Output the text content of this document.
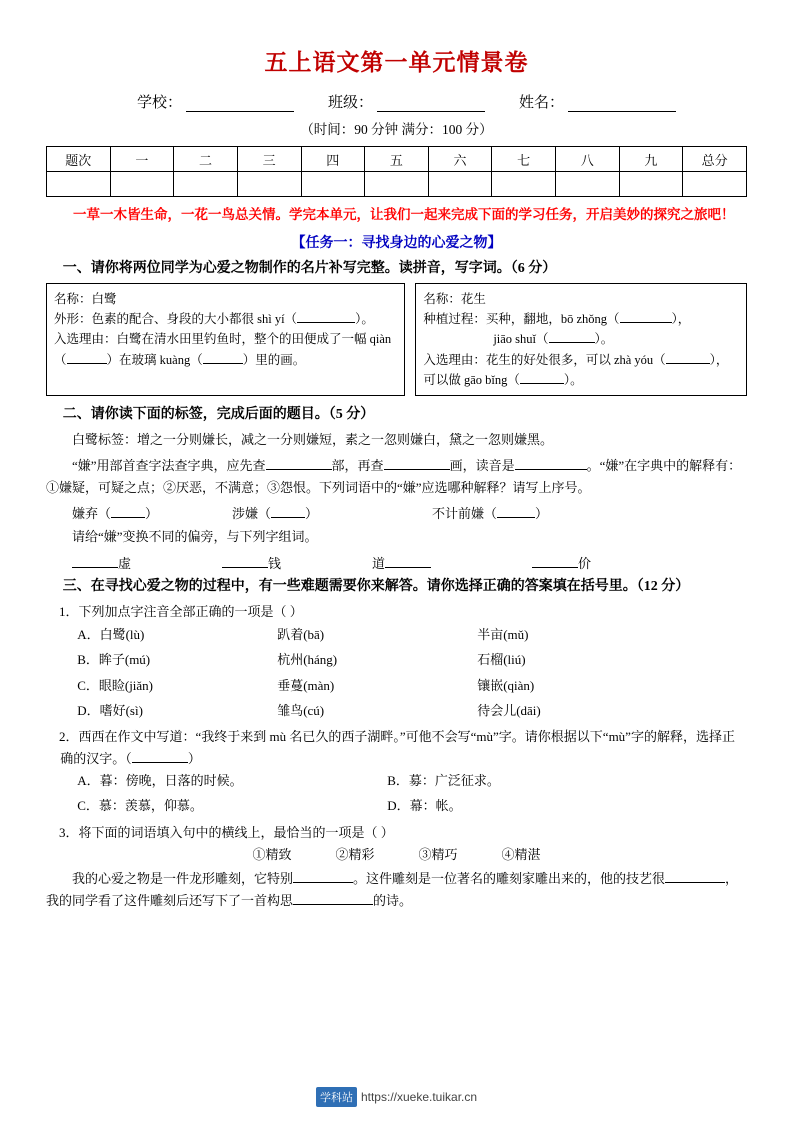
五上语文第一单元情景卷
学校：	班级：	姓名：
（时间：90 分钟 满分：100 分）
题次	一	二	三	四	五	六	七	八	九	总分

一草一木皆生命，一花一鸟总关情。学完本单元，让我们一起来完成下面的学习任务，开启美妙的探究之旅吧！
【任务一：寻找身边的心爱之物】
一、请你将两位同学为心爱之物制作的名片补写完整。读拼音，写字词。（6 分）
名称：白鹭
外形：色素的配合、身段的大小都很 shì yí（	）。
入选理由：白鹭在清水田里钓鱼时，整个的田便成了一幅 qiàn（	）在玻璃 kuàng（	）里的画。
名称：花生
种植过程：买种，翻地，bō zhǒng（	），
jiāo shuǐ（	）。
入选理由：花生的好处很多，可以 zhà yóu（	），可以做 gāo bǐng（	）。
二、请你读下面的标签，完成后面的题目。（5 分）
白鹭标签：增之一分则嫌长，减之一分则嫌短，素之一忽则嫌白，黛之一忽则嫌黑。
“嫌”用部首查字法查字典，应先查	部，再查	画，读音是	。“嫌”在字典中的解释有：①嫌疑，可疑之点；②厌恶，不满意；③怨恨。下列词语中的“嫌”应选哪种解释？请写上序号。
嫌弃（	）	涉嫌（	）	不计前嫌（	）
请给“嫌”变换不同的偏旁，与下列字组词。
虚	钱	道	价
三、在寻找心爱之物的过程中，有一些难题需要你来解答。请你选择正确的答案填在括号里。（12 分）
1．下列加点字注音全部正确的一项是（ ）
A．白鹭(lù)	趴着(bā)	半亩(mǔ)
B．眸子(mú)	杭州(háng)	石榴(liú)
C．眼睑(jiǎn)	垂蔓(màn)	镶嵌(qiàn)
D．嗜好(sì)	雏鸟(cú)	待会儿(dāi)
2．西西在作文中写道：“我终于来到 mù 名已久的西子湖畔。”可他不会写“mù”字。请你根据以下“mù”字的解释，选择正确的汉字。（	）
A．暮：傍晚，日落的时候。	B．募：广泛征求。
C．慕：羡慕，仰慕。	D．幕：帐。
3．将下面的词语填入句中的横线上，最恰当的一项是（ ）
①精致	②精彩	③精巧	④精湛
我的心爱之物是一件龙形雕刻，它特别	。这件雕刻是一位著名的雕刻家雕出来的，他的技艺很	，我的同学看了这件雕刻后还写下了一首构思	的诗。
学科站 https://xueke.tuikar.cn
